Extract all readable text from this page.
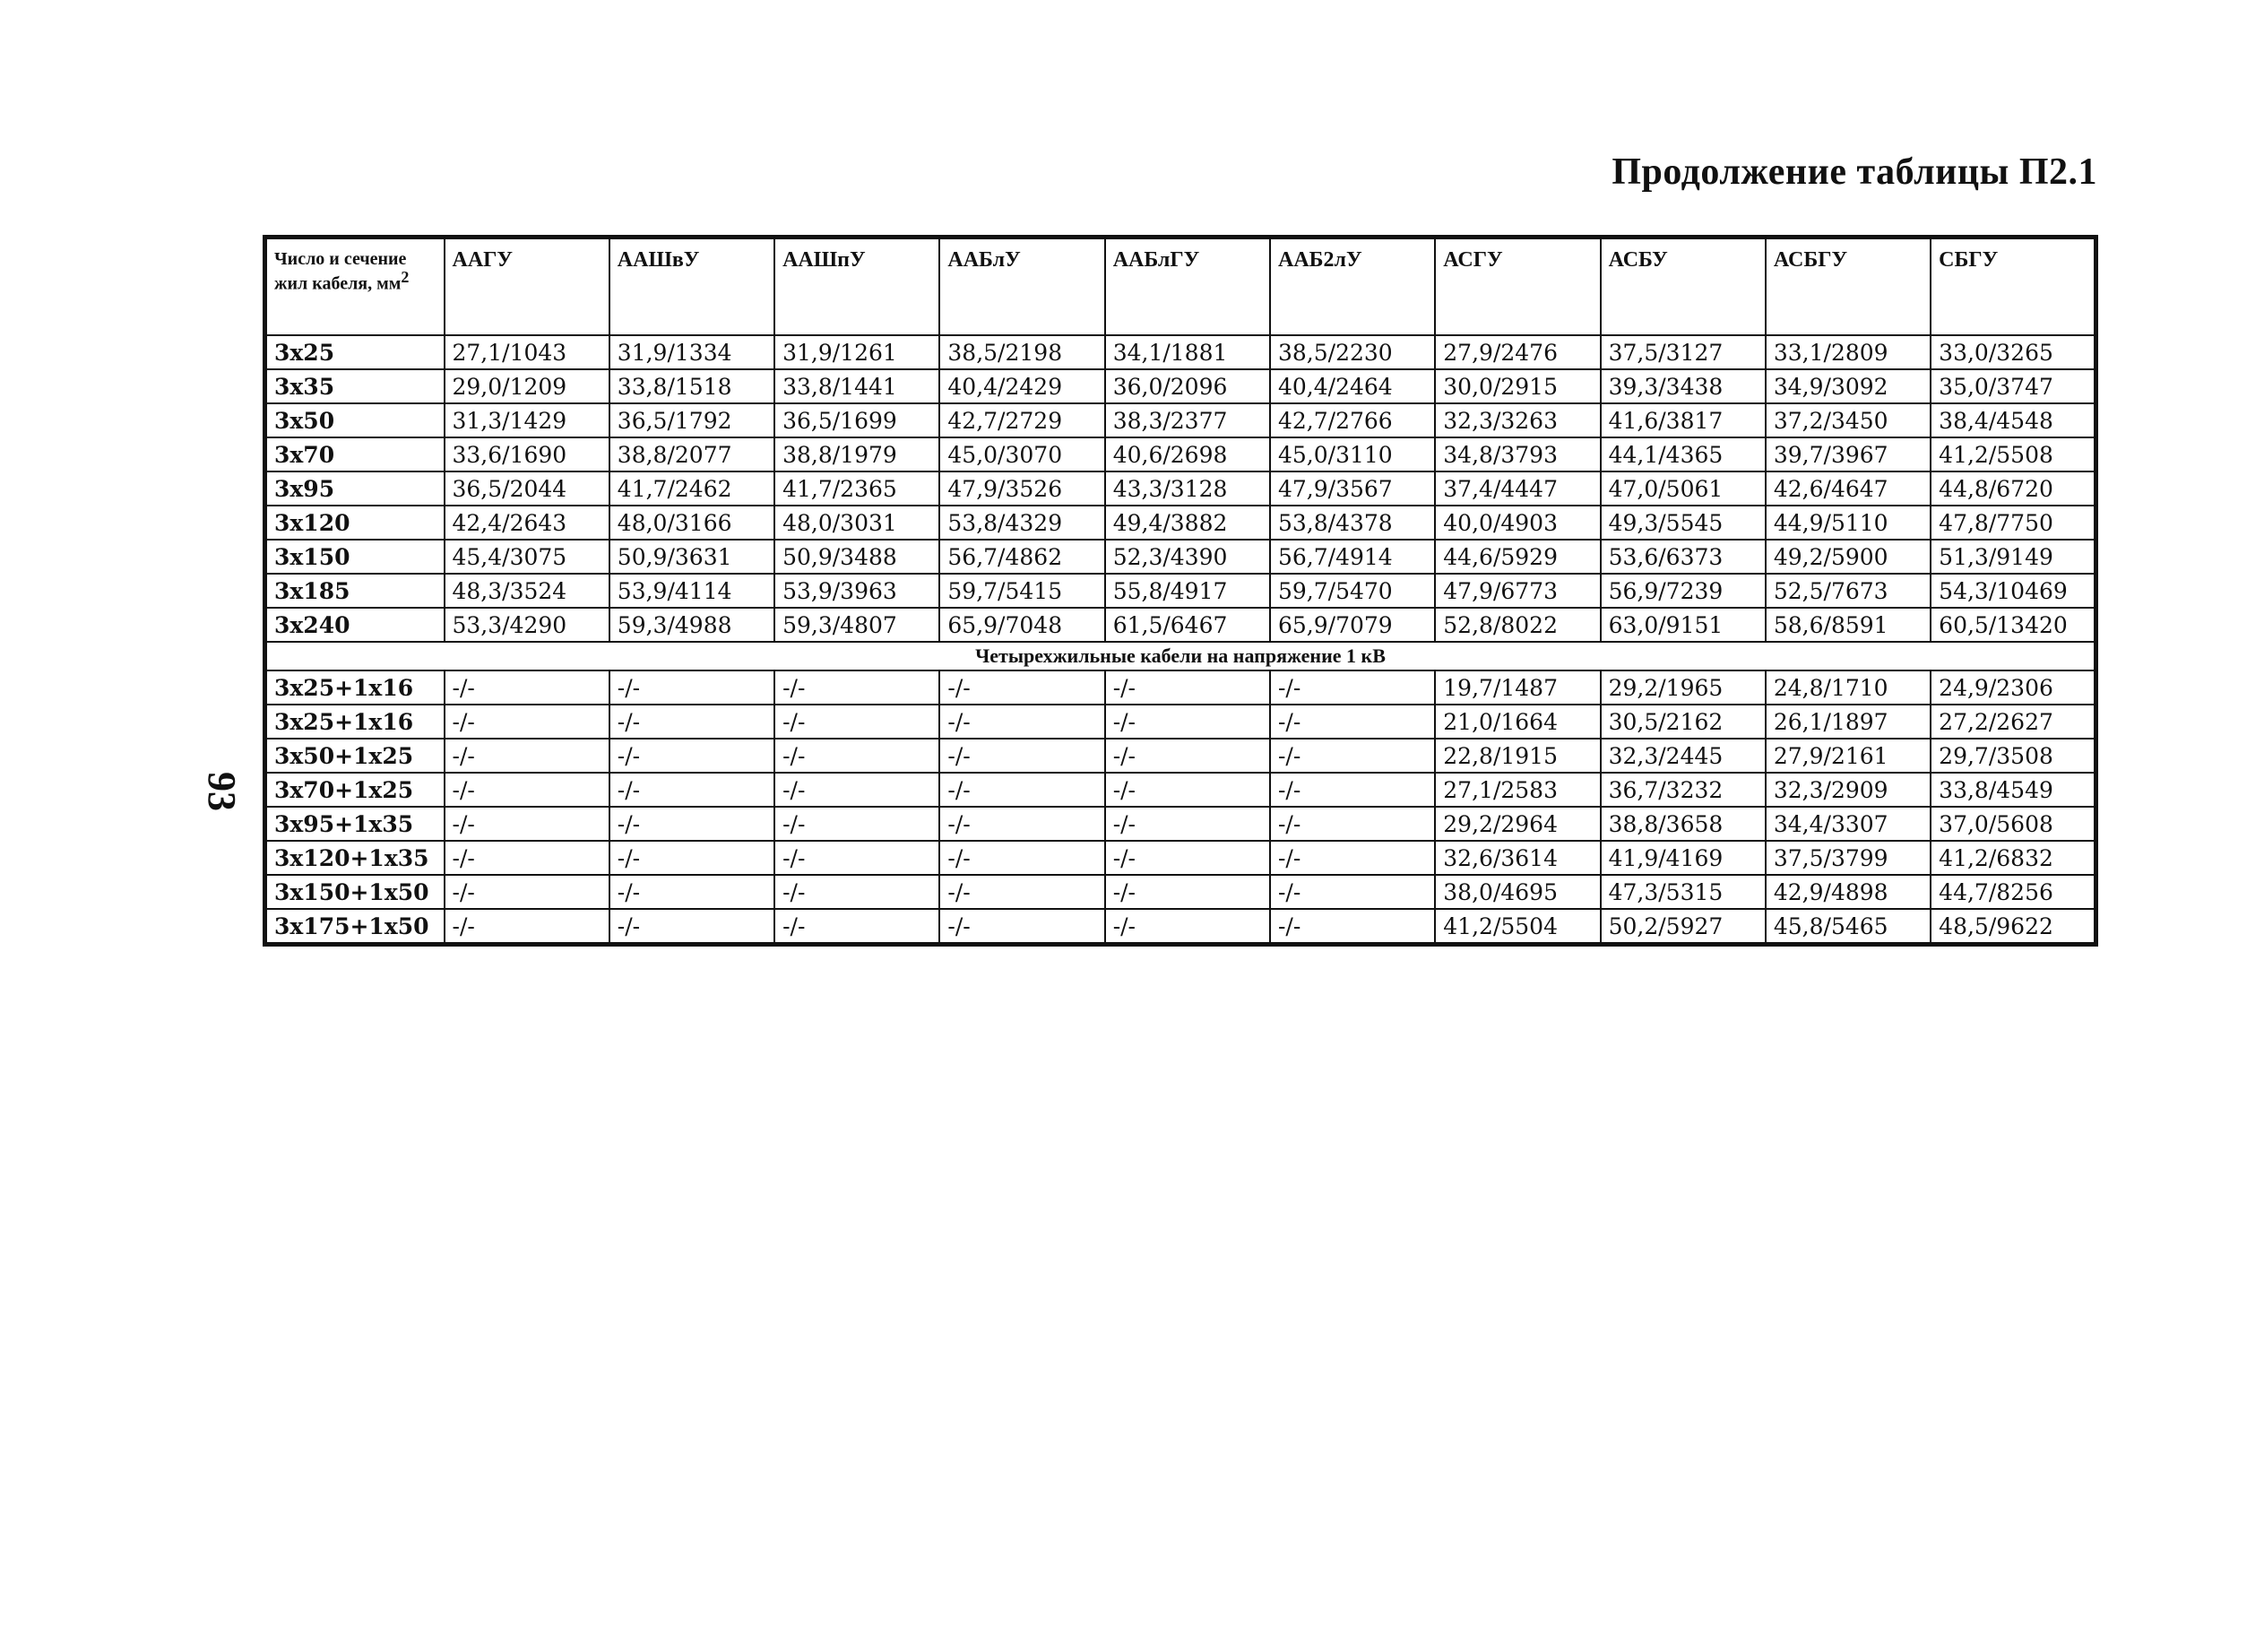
Продолжение таблицы П2.1
93
Число и сечение жил кабеля, $мм^2$	ААГУ	ААШвУ	ААШпУ	ААБлУ	ААБлГУ	ААБ2лУ	АСГУ	АСБУ	АСБГУ	СБГУ
3x25	27,1/1043	31,9/1334	31,9/1261	38,5/2198	34,1/1881	38,5/2230	27,9/2476	37,5/3127	33,1/2809	33,0/3265
3x35	29,0/1209	33,8/1518	33,8/1441	40,4/2429	36,0/2096	40,4/2464	30,0/2915	39,3/3438	34,9/3092	35,0/3747
3x50	31,3/1429	36,5/1792	36,5/1699	42,7/2729	38,3/2377	42,7/2766	32,3/3263	41,6/3817	37,2/3450	38,4/4548
3x70	33,6/1690	38,8/2077	38,8/1979	45,0/3070	40,6/2698	45,0/3110	34,8/3793	44,1/4365	39,7/3967	41,2/5508
3x95	36,5/2044	41,7/2462	41,7/2365	47,9/3526	43,3/3128	47,9/3567	37,4/4447	47,0/5061	42,6/4647	44,8/6720
3x120	42,4/2643	48,0/3166	48,0/3031	53,8/4329	49,4/3882	53,8/4378	40,0/4903	49,3/5545	44,9/5110	47,8/7750
3x150	45,4/3075	50,9/3631	50,9/3488	56,7/4862	52,3/4390	56,7/4914	44,6/5929	53,6/6373	49,2/5900	51,3/9149
3x185	48,3/3524	53,9/4114	53,9/3963	59,7/5415	55,8/4917	59,7/5470	47,9/6773	56,9/7239	52,5/7673	54,3/10469
3x240	53,3/4290	59,3/4988	59,3/4807	65,9/7048	61,5/6467	65,9/7079	52,8/8022	63,0/9151	58,6/8591	60,5/13420
Четырехжильные кабели на напряжение 1 кВ										
3x25+1x16	-/-	-/-	-/-	-/-	-/-	-/-	19,7/1487	29,2/1965	24,8/1710	24,9/2306
3x25+1x16	-/-	-/-	-/-	-/-	-/-	-/-	21,0/1664	30,5/2162	26,1/1897	27,2/2627
3x50+1x25	-/-	-/-	-/-	-/-	-/-	-/-	22,8/1915	32,3/2445	27,9/2161	29,7/3508
3x70+1x25	-/-	-/-	-/-	-/-	-/-	-/-	27,1/2583	36,7/3232	32,3/2909	33,8/4549
3x95+1x35	-/-	-/-	-/-	-/-	-/-	-/-	29,2/2964	38,8/3658	34,4/3307	37,0/5608
3x120+1x35	-/-	-/-	-/-	-/-	-/-	-/-	32,6/3614	41,9/4169	37,5/3799	41,2/6832
3x150+1x50	-/-	-/-	-/-	-/-	-/-	-/-	38,0/4695	47,3/5315	42,9/4898	44,7/8256
3x175+1x50	-/-	-/-	-/-	-/-	-/-	-/-	41,2/5504	50,2/5927	45,8/5465	48,5/9622
